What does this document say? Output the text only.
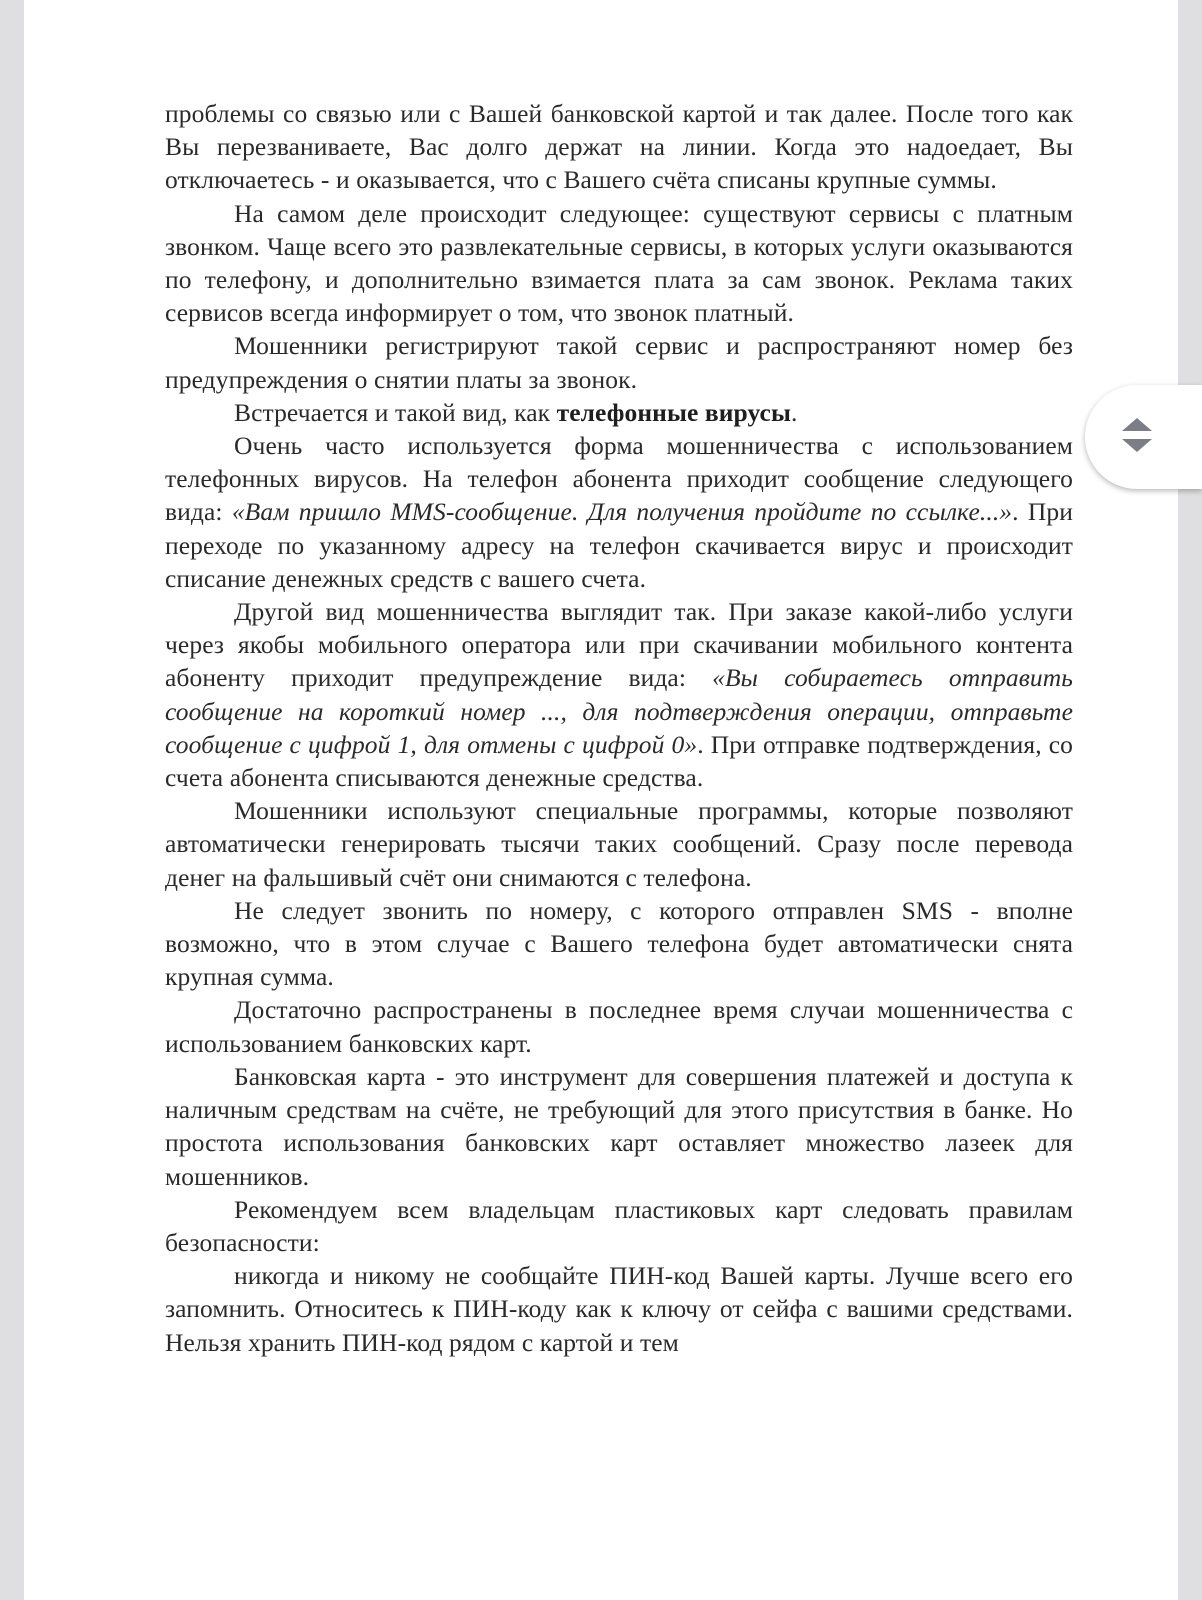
проблемы со связью или с Вашей банковской картой и так далее. После того как Вы перезваниваете, Вас долго держат на линии. Когда это надоедает, Вы отключаетесь - и оказывается, что с Вашего счёта списаны крупные суммы.

На самом деле происходит следующее: существуют сервисы с платным звонком. Чаще всего это развлекательные сервисы, в которых услуги оказываются по телефону, и дополнительно взимается плата за сам звонок. Реклама таких сервисов всегда информирует о том, что звонок платный.

Мошенники регистрируют такой сервис и распространяют номер без предупреждения о снятии платы за звонок.

Встречается и такой вид, как телефонные вирусы.

Очень часто используется форма мошенничества с использованием телефонных вирусов. На телефон абонента приходит сообщение следующего вида: «Вам пришло MMS-сообщение. Для получения пройдите по ссылке...». При переходе по указанному адресу на телефон скачивается вирус и происходит списание денежных средств с вашего счета.

Другой вид мошенничества выглядит так. При заказе какой-либо услуги через якобы мобильного оператора или при скачивании мобильного контента абоненту приходит предупреждение вида: «Вы собираетесь отправить сообщение на короткий номер ..., для подтверждения операции, отправьте сообщение с цифрой 1, для отмены с цифрой 0». При отправке подтверждения, со счета абонента списываются денежные средства.

Мошенники используют специальные программы, которые позволяют автоматически генерировать тысячи таких сообщений. Сразу после перевода денег на фальшивый счёт они снимаются с телефона.

Не следует звонить по номеру, с которого отправлен SMS - вполне возможно, что в этом случае с Вашего телефона будет автоматически снята крупная сумма.

Достаточно распространены в последнее время случаи мошенничества с использованием банковских карт.

Банковская карта - это инструмент для совершения платежей и доступа к наличным средствам на счёте, не требующий для этого присутствия в банке. Но простота использования банковских карт оставляет множество лазеек для мошенников.

Рекомендуем всем владельцам пластиковых карт следовать правилам безопасности:

никогда и никому не сообщайте ПИН-код Вашей карты. Лучше всего его запомнить. Относитесь к ПИН-коду как к ключу от сейфа с вашими средствами. Нельзя хранить ПИН-код рядом с картой и тем
